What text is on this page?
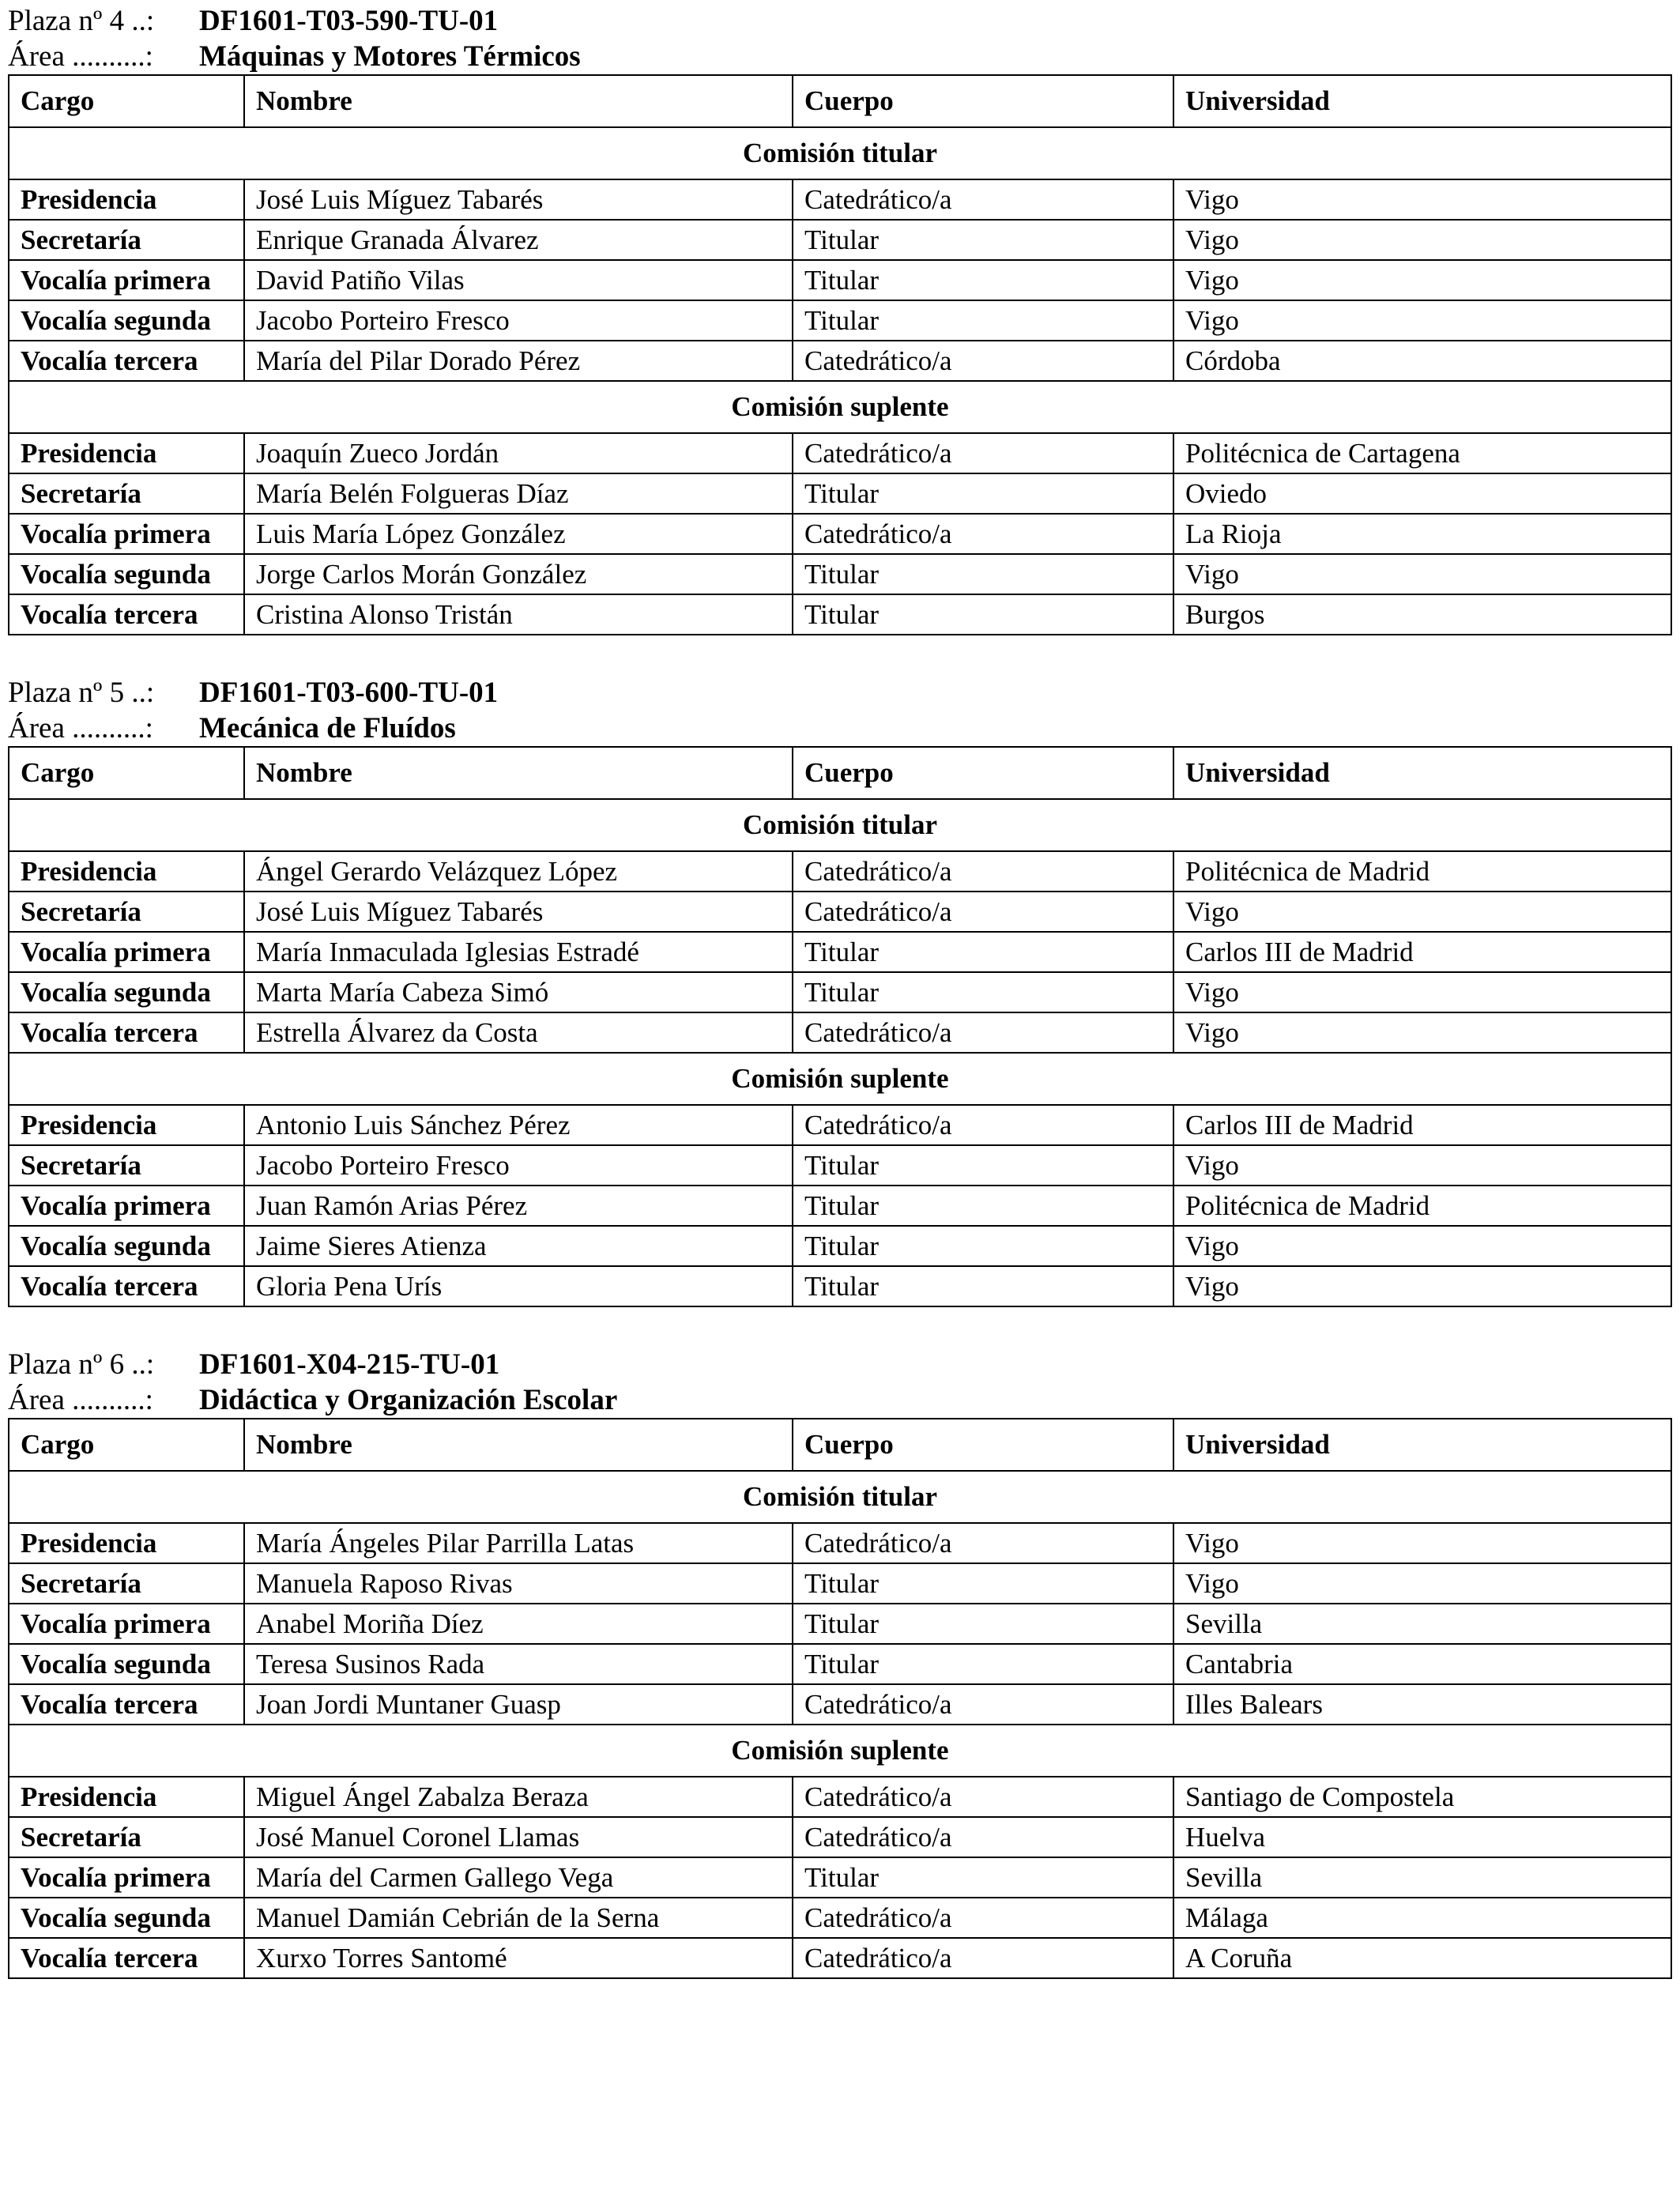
Plaza nº 4 ..: DF1601-T03-590-TU-01
Área ..........: Máquinas y Motores Térmicos
Cargo	Nombre	Cuerpo	Universidad
Comisión titular			
Presidencia	José Luis Míguez Tabarés	Catedrático/a	Vigo
Secretaría	Enrique Granada Álvarez	Titular	Vigo
Vocalía primera	David Patiño Vilas	Titular	Vigo
Vocalía segunda	Jacobo Porteiro Fresco	Titular	Vigo
Vocalía tercera	María del Pilar Dorado Pérez	Catedrático/a	Córdoba
Comisión suplente			
Presidencia	Joaquín Zueco Jordán	Catedrático/a	Politécnica de Cartagena
Secretaría	María Belén Folgueras Díaz	Titular	Oviedo
Vocalía primera	Luis María López González	Catedrático/a	La Rioja
Vocalía segunda	Jorge Carlos Morán González	Titular	Vigo
Vocalía tercera	Cristina Alonso Tristán	Titular	Burgos
Plaza nº 5 ..: DF1601-T03-600-TU-01
Área ..........: Mecánica de Fluídos
Cargo	Nombre	Cuerpo	Universidad
Comisión titular			
Presidencia	Ángel Gerardo Velázquez López	Catedrático/a	Politécnica de Madrid
Secretaría	José Luis Míguez Tabarés	Catedrático/a	Vigo
Vocalía primera	María Inmaculada Iglesias Estradé	Titular	Carlos III de Madrid
Vocalía segunda	Marta María Cabeza Simó	Titular	Vigo
Vocalía tercera	Estrella Álvarez da Costa	Catedrático/a	Vigo
Comisión suplente			
Presidencia	Antonio Luis Sánchez Pérez	Catedrático/a	Carlos III de Madrid
Secretaría	Jacobo Porteiro Fresco	Titular	Vigo
Vocalía primera	Juan Ramón Arias Pérez	Titular	Politécnica de Madrid
Vocalía segunda	Jaime Sieres Atienza	Titular	Vigo
Vocalía tercera	Gloria Pena Urís	Titular	Vigo
Plaza nº 6 ..: DF1601-X04-215-TU-01
Área ..........: Didáctica y Organización Escolar
Cargo	Nombre	Cuerpo	Universidad
Comisión titular			
Presidencia	María Ángeles Pilar Parrilla Latas	Catedrático/a	Vigo
Secretaría	Manuela Raposo Rivas	Titular	Vigo
Vocalía primera	Anabel Moriña Díez	Titular	Sevilla
Vocalía segunda	Teresa Susinos Rada	Titular	Cantabria
Vocalía tercera	Joan Jordi Muntaner Guasp	Catedrático/a	Illes Balears
Comisión suplente			
Presidencia	Miguel Ángel Zabalza Beraza	Catedrático/a	Santiago de Compostela
Secretaría	José Manuel Coronel Llamas	Catedrático/a	Huelva
Vocalía primera	María del Carmen Gallego Vega	Titular	Sevilla
Vocalía segunda	Manuel Damián Cebrián de la Serna	Catedrático/a	Málaga
Vocalía tercera	Xurxo Torres Santomé	Catedrático/a	A Coruña
